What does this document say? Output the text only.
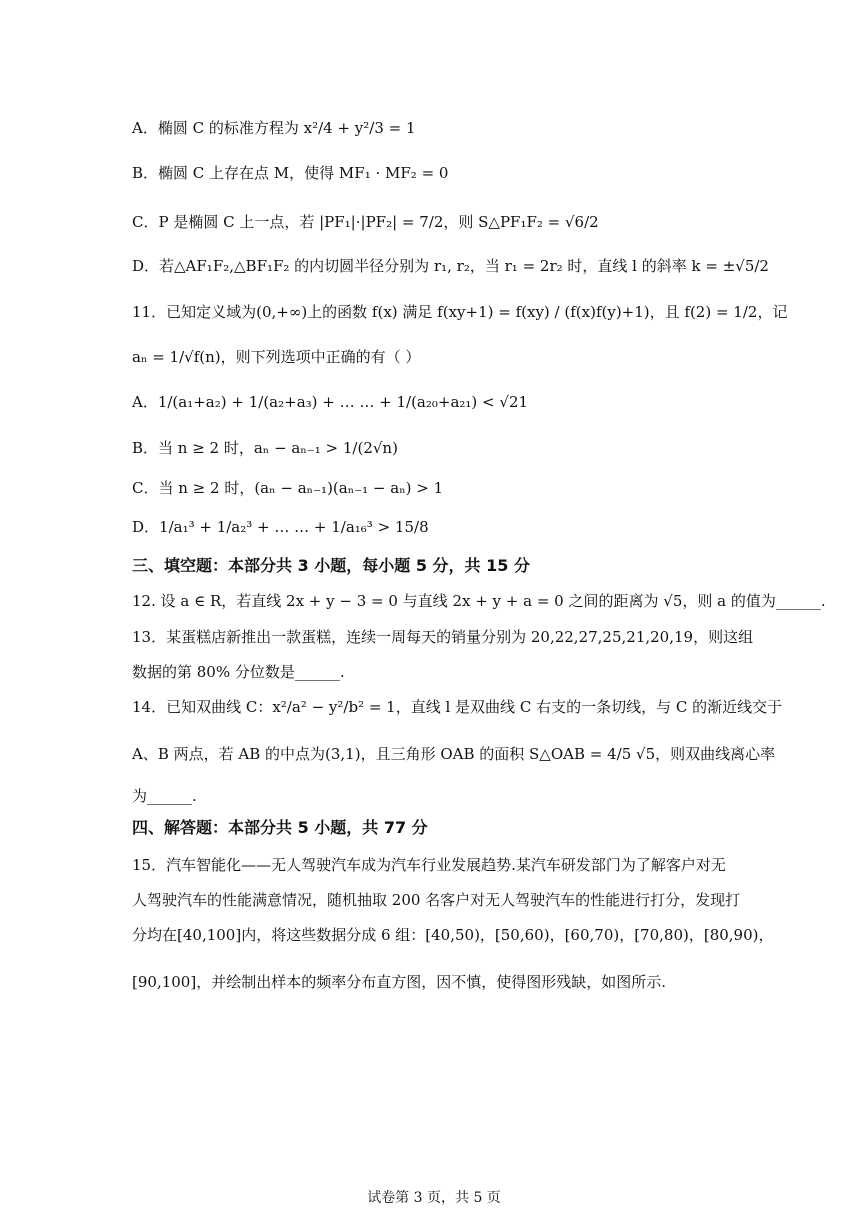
A．椭圆 C 的标准方程为 x²/4 + y²/3 = 1
B．椭圆 C 上存在点 M，使得 MF₁ · MF₂ = 0
C．P 是椭圆 C 上一点，若 |PF₁|·|PF₂| = 7/2，则 S△PF₁F₂ = √6/2
D．若△AF₁F₂,△BF₁F₂ 的内切圆半径分别为 r₁, r₂，当 r₁ = 2r₂ 时，直线 l 的斜率 k = ±√5/2
11．已知定义域为(0,+∞)上的函数 f(x) 满足 f(xy+1) = f(xy) / (f(x)f(y)+1)，且 f(2) = 1/2，记
aₙ = 1/√f(n)，则下列选项中正确的有（ ）
A．1/(a₁+a₂) + 1/(a₂+a₃) + … … + 1/(a₂₀+a₂₁) < √21
B．当 n ≥ 2 时，aₙ − aₙ₋₁ > 1/(2√n)
C．当 n ≥ 2 时，(aₙ − aₙ₋₁)(aₙ₋₁ − aₙ) > 1
D．1/a₁³ + 1/a₂³ + … … + 1/a₁₆³ > 15/8
三、填空题：本部分共 3 小题，每小题 5 分，共 15 分
12. 设 a ∈ R，若直线 2x + y − 3 = 0 与直线 2x + y + a = 0 之间的距离为 √5，则 a 的值为______.
13．某蛋糕店新推出一款蛋糕，连续一周每天的销量分别为 20,22,27,25,21,20,19，则这组
数据的第 80% 分位数是______.
14．已知双曲线 C：x²/a² − y²/b² = 1，直线 l 是双曲线 C 右支的一条切线，与 C 的渐近线交于
A、B 两点，若 AB 的中点为(3,1)，且三角形 OAB 的面积 S△OAB = 4/5 √5，则双曲线离心率
为______.
四、解答题：本部分共 5 小题，共 77 分
15．汽车智能化——无人驾驶汽车成为汽车行业发展趋势.某汽车研发部门为了解客户对无
人驾驶汽车的性能满意情况，随机抽取 200 名客户对无人驾驶汽车的性能进行打分，发现打
分均在[40,100]内，将这些数据分成 6 组：[40,50)，[50,60)，[60,70)，[70,80)，[80,90)，
[90,100]，并绘制出样本的频率分布直方图，因不慎，使得图形残缺，如图所示.
试卷第 3 页，共 5 页
